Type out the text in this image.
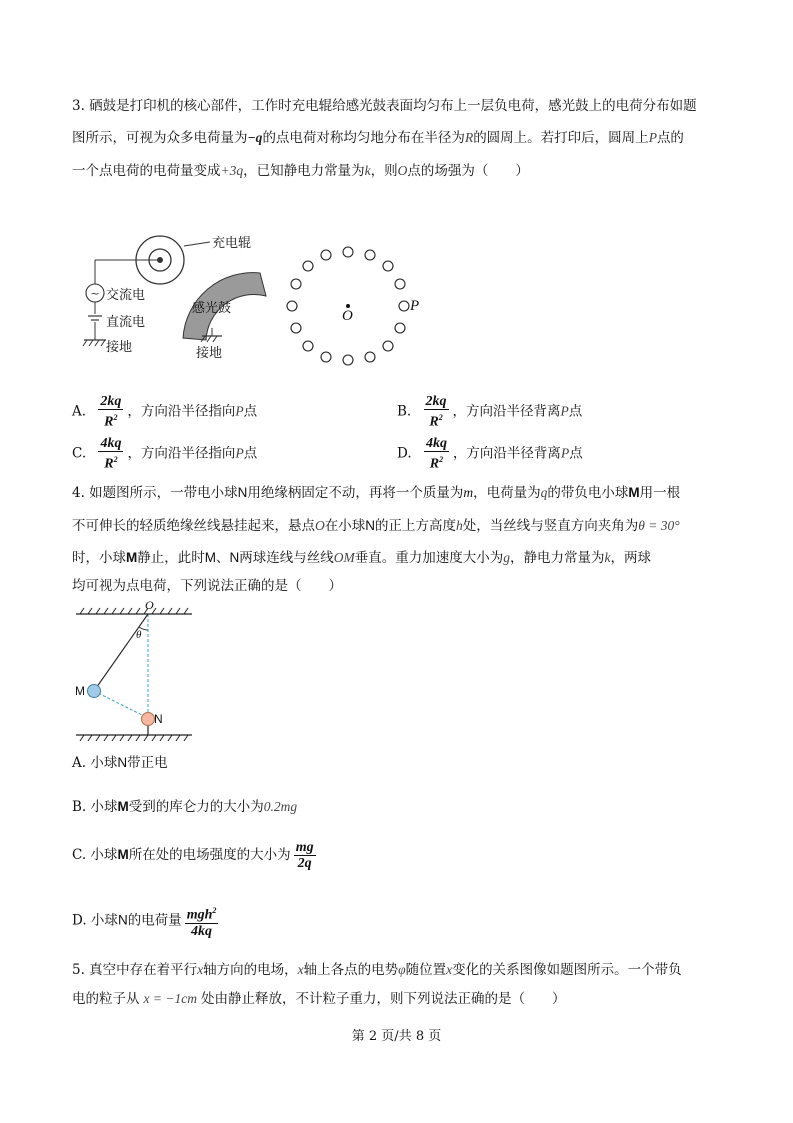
3. 硒鼓是打印机的核心部件，工作时充电辊给感光鼓表面均匀布上一层负电荷，感光鼓上的电荷分布如题
图所示，可视为众多电荷量为−q的点电荷对称均匀地分布在半径为R的圆周上。若打印后，圆周上P点的
一个点电荷的电荷量变成+3q，已知静电力常量为k，则O点的场强为（　　）
~
充电辊
交流电
直流电
接地
感光鼓
接地
O
P
A. $\frac{2kq}{R^2}$ ，方向沿半径指向P点	B. $\frac{2kq}{R^2}$ ，方向沿半径背离P点
C. $\frac{4kq}{R^2}$ ，方向沿半径指向P点	D. $\frac{4kq}{R^2}$ ，方向沿半径背离P点
4. 如题图所示，一带电小球N用绝缘柄固定不动，再将一个质量为m，电荷量为q的带负电小球M用一根
不可伸长的轻质绝缘丝线悬挂起来，悬点O在小球N的正上方高度h处，当丝线与竖直方向夹角为θ = 30°
时，小球M静止，此时M、N两球连线与丝线OM垂直。重力加速度大小为g，静电力常量为k，两球
均可视为点电荷，下列说法正确的是（　　）
O
θ
M
N
A. 小球N带正电
B. 小球M受到的库仑力的大小为0.2mg
C. 小球M所在处的电场强度的大小为 $\frac{mg}{2q}$
D. 小球N的电荷量 $\frac{mgh^2}{4kq}$
5. 真空中存在着平行x轴方向的电场，x轴上各点的电势φ随位置x变化的关系图像如题图所示。一个带负
电的粒子从 x = −1cm 处由静止释放，不计粒子重力，则下列说法正确的是（　　）
第 2 页/共 8 页
